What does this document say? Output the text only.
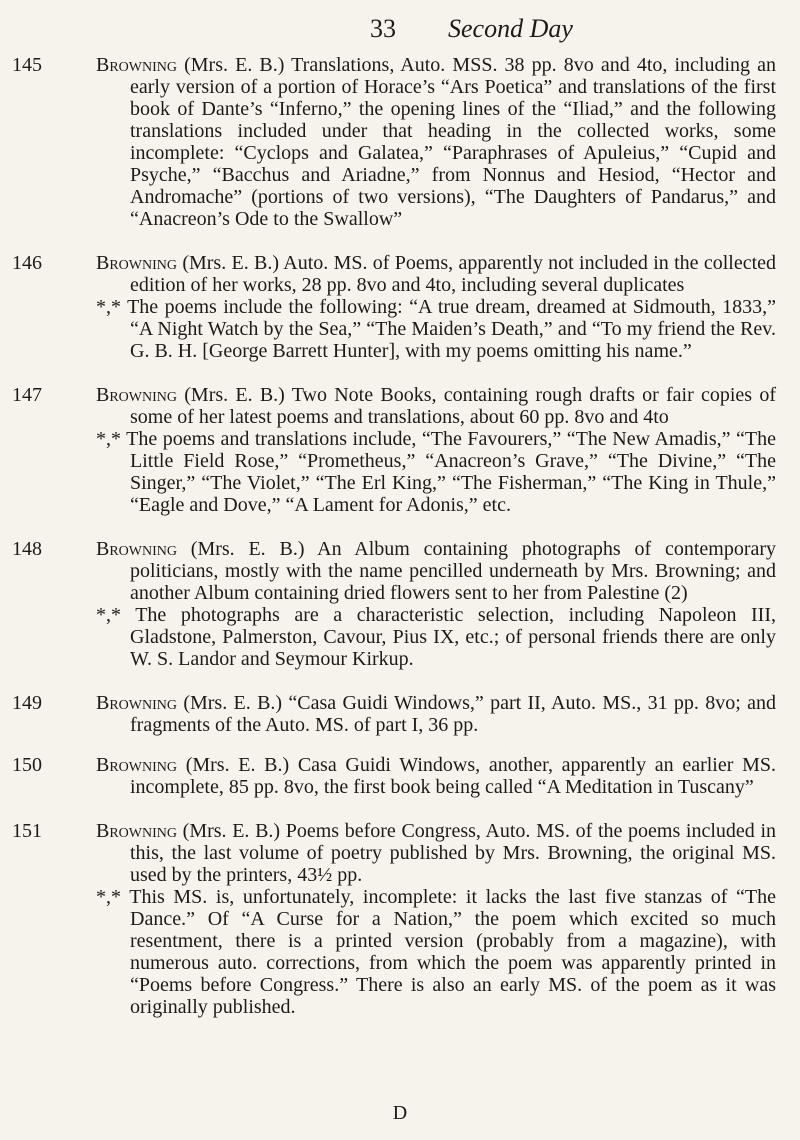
33 Second Day
145	Browning (Mrs. E. B.) Translations, Auto. MSS. 38 pp. 8vo and 4to, including an early version of a portion of Horace’s “Ars Poetica” and translations of the first book of Dante’s “Inferno,” the opening lines of the “Iliad,” and the following translations included under that heading in the collected works, some incomplete: “Cyclops and Galatea,” “Paraphrases of Apuleius,” “Cupid and Psyche,” “Bacchus and Ariadne,” from Nonnus and Hesiod, “Hector and Andromache” (portions of two versions), “The Daughters of Pandarus,” and “Anacreon’s Ode to the Swallow”

146	Browning (Mrs. E. B.) Auto. MS. of Poems, apparently not included in the collected edition of her works, 28 pp. 8vo and 4to, including several duplicates

*,* The poems include the following: “A true dream, dreamed at Sidmouth, 1833,” “A Night Watch by the Sea,” “The Maiden’s Death,” and “To my friend the Rev. G. B. H. [George Barrett Hunter], with my poems omitting his name.”

147	Browning (Mrs. E. B.) Two Note Books, containing rough drafts or fair copies of some of her latest poems and translations, about 60 pp. 8vo and 4to

*,* The poems and translations include, “The Favourers,” “The New Amadis,” “The Little Field Rose,” “Prometheus,” “Anacreon’s Grave,” “The Divine,” “The Singer,” “The Violet,” “The Erl King,” “The Fisherman,” “The King in Thule,” “Eagle and Dove,” “A Lament for Adonis,” etc.

148	Browning (Mrs. E. B.) An Album containing photographs of contemporary politicians, mostly with the name pencilled underneath by Mrs. Browning; and another Album containing dried flowers sent to her from Palestine (2)

*,* The photographs are a characteristic selection, including Napoleon III, Gladstone, Palmerston, Cavour, Pius IX, etc.; of personal friends there are only W. S. Landor and Seymour Kirkup.

149	Browning (Mrs. E. B.) “Casa Guidi Windows,” part II, Auto. MS., 31 pp. 8vo; and fragments of the Auto. MS. of part I, 36 pp.

150	Browning (Mrs. E. B.) Casa Guidi Windows, another, apparently an earlier MS. incomplete, 85 pp. 8vo, the first book being called “A Meditation in Tuscany”

151	Browning (Mrs. E. B.) Poems before Congress, Auto. MS. of the poems included in this, the last volume of poetry published by Mrs. Browning, the original MS. used by the printers, 43½ pp.

*,* This MS. is, unfortunately, incomplete: it lacks the last five stanzas of “The Dance.” Of “A Curse for a Nation,” the poem which excited so much resentment, there is a printed version (probably from a magazine), with numerous auto. corrections, from which the poem was apparently printed in “Poems before Congress.” There is also an early MS. of the poem as it was originally published.

D
